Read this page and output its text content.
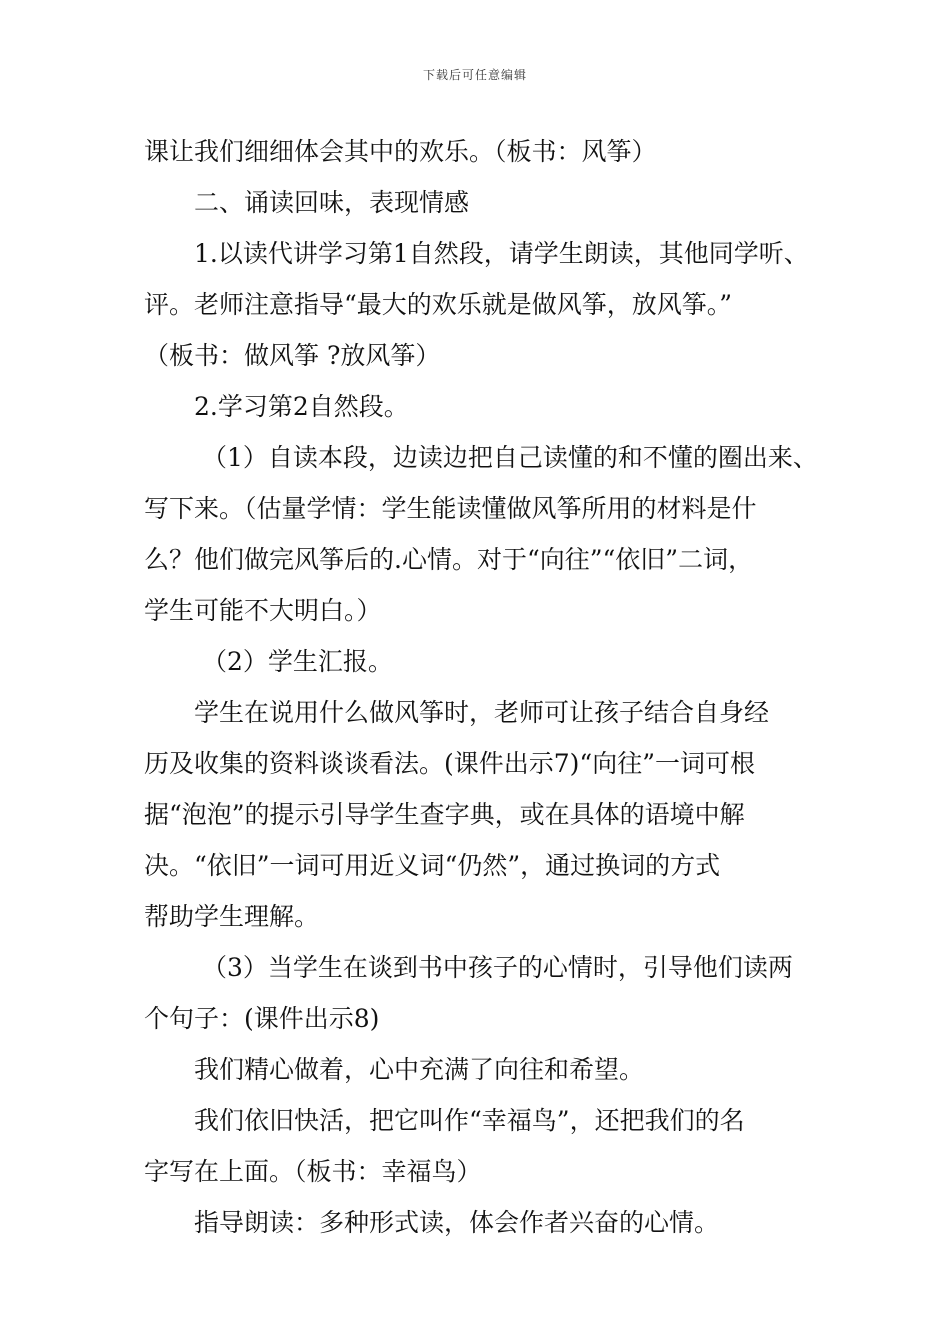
下载后可任意编辑

课让我们细细体会其中的欢乐。（板书：风筝）

二、诵读回味，表现情感

1.以读代讲学习第1自然段，请学生朗读，其他同学听、

评。老师注意指导“最大的欢乐就是做风筝，放风筝。”

（板书：做风筝 ?放风筝）

2.学习第2自然段。

（1）自读本段，边读边把自己读懂的和不懂的圈出来、

写下来。（估量学情：学生能读懂做风筝所用的材料是什

么？他们做完风筝后的.心情。对于“向往”“依旧”二词，

学生可能不大明白。）

（2）学生汇报。

学生在说用什么做风筝时，老师可让孩子结合自身经

历及收集的资料谈谈看法。(课件出示7)“向往”一词可根

据“泡泡”的提示引导学生查字典，或在具体的语境中解

决。“依旧”一词可用近义词“仍然”，通过换词的方式

帮助学生理解。

（3）当学生在谈到书中孩子的心情时，引导他们读两

个句子：(课件出示8)

我们精心做着，心中充满了向往和希望。

我们依旧快活，把它叫作“幸福鸟”，还把我们的名

字写在上面。（板书：幸福鸟）

指导朗读：多种形式读，体会作者兴奋的心情。
